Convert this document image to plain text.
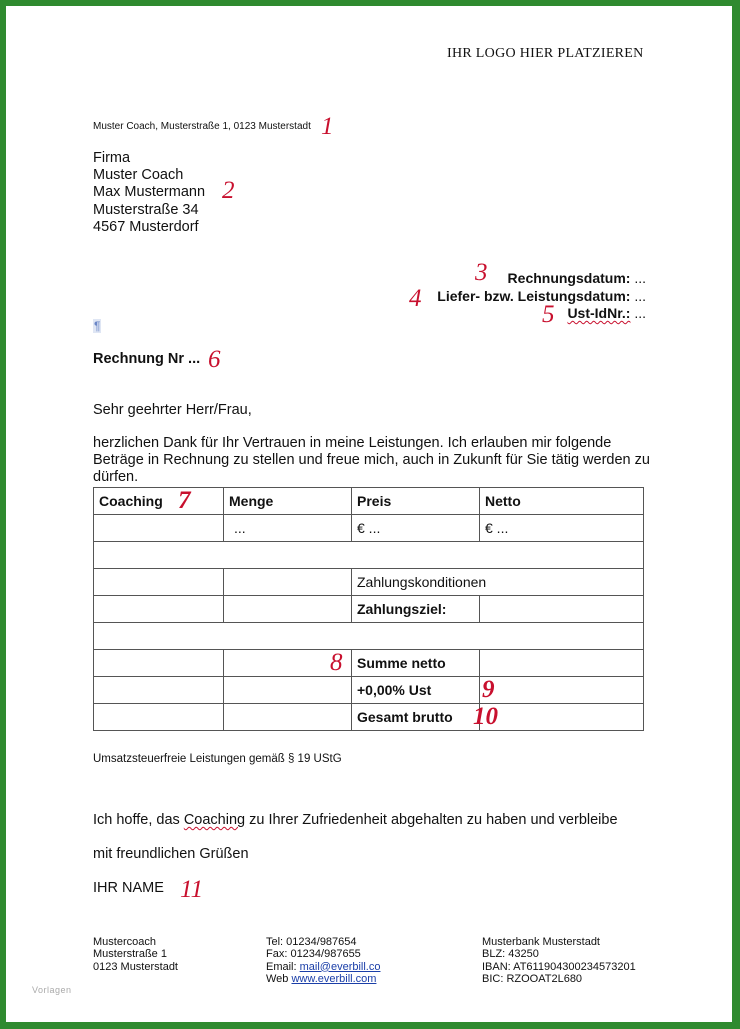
IHR LOGO HIER PLATZIEREN
Muster Coach, Musterstraße 1, 0123 Musterstadt 1
Firma
Muster Coach
Max Mustermann
Musterstraße 34
4567 Musterdorf
2
3 Rechnungsdatum: ...
4 Liefer- bzw. Leistungsdatum: ...
5 Ust-IdNr.: ...
¶
Rechnung Nr ... 6
Sehr geehrter Herr/Frau,
herzlichen Dank für Ihr Vertrauen in meine Leistungen. Ich erlauben mir folgende Beträge in Rechnung zu stellen und freue mich, auch in Zukunft für Sie tätig werden zu dürfen.
Coaching 7	Menge	Preis	Netto
	...	€ ...	€ ...

		Zahlungskonditionen	
		Zahlungsziel:	

	8	Summe netto	
		+0,00% Ust 9	

		Gesamt brutto 10	

Umsatzsteuerfreie Leistungen gemäß § 19 UStG
Ich hoffe, das Coaching zu Ihrer Zufriedenheit abgehalten zu haben und verbleibe
mit freundlichen Grüßen
IHR NAME 11
Mustercoach
Musterstraße 1
0123 Musterstadt
Tel: 01234/987654
Fax: 01234/987655
Email: mail@everbill.co
Web www.everbill.com
Musterbank Musterstadt
BLZ: 43250
IBAN: AT611904300234573201
BIC: RZOOAT2L680
Vorlagen
